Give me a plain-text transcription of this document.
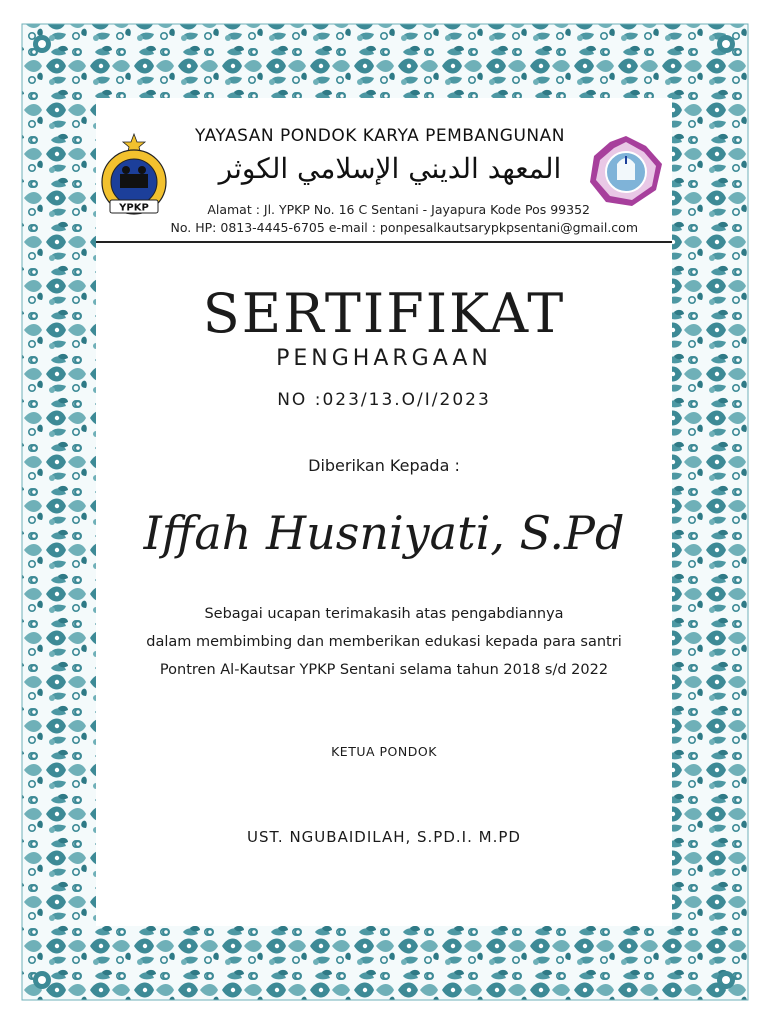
YPKP
YAYASAN PONDOK KARYA PEMBANGUNAN
المعهد الديني الإسلامي الكوثر
Alamat : Jl. YPKP No. 16 C Sentani - Jayapura Kode Pos 99352
No. HP: 0813-4445-6705 e-mail : ponpesalkautsarypkpsentani@gmail.com
SERTIFIKAT
PENGHARGAAN
NO :023/13.O/I/2023
Diberikan Kepada :
Iffah Husniyati, S.Pd
Sebagai ucapan terimakasih atas pengabdiannya
dalam membimbing dan memberikan edukasi kepada para santri
Pontren Al-Kautsar YPKP Sentani selama tahun 2018 s/d 2022
KETUA PONDOK
UST. NGUBAIDILAH, S.PD.I. M.PD
